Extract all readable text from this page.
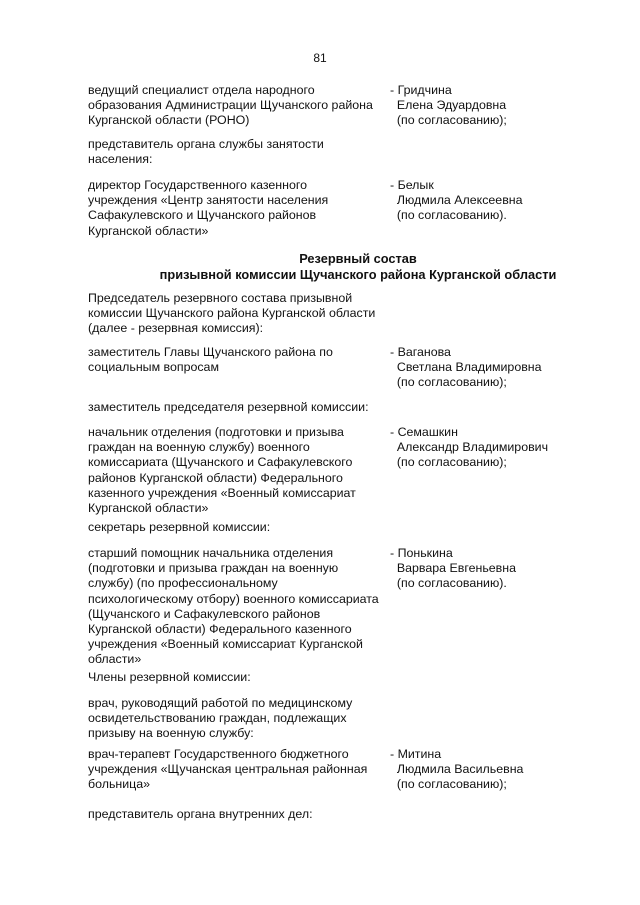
81
ведущий специалист отдела народного
образования Администрации Щучанского района
Курганской области (РОНО)
- Гридчина
Елена Эдуардовна
(по согласованию);
представитель органа службы занятости
населения:
директор Государственного казенного
учреждения «Центр занятости населения
Сафакулевского и Щучанского районов
Курганской области»
- Белык
Людмила Алексеевна
(по согласованию).
Резервный состав
призывной комиссии Щучанского района Курганской области
Председатель резервного состава призывной
комиссии Щучанского района Курганской области
(далее - резервная комиссия):
заместитель Главы Щучанского района по
социальным вопросам
- Ваганова
Светлана Владимировна
(по согласованию);
заместитель председателя резервной комиссии:
начальник отделения (подготовки и призыва
граждан на военную службу) военного
комиссариата (Щучанского и Сафакулевского
районов Курганской области) Федерального
казенного учреждения «Военный комиссариат
Курганской области»
- Семашкин
Александр Владимирович
(по согласованию);
секретарь резервной комиссии:
старший помощник начальника отделения
(подготовки и призыва граждан на военную
службу) (по профессиональному
психологическому отбору) военного комиссариата
(Щучанского и Сафакулевского районов
Курганской области) Федерального казенного
учреждения «Военный комиссариат Курганской
области»
- Понькина
Варвара Евгеньевна
(по согласованию).
Члены резервной комиссии:
врач, руководящий работой по медицинскому
освидетельствованию граждан, подлежащих
призыву на военную службу:
врач-терапевт Государственного бюджетного
учреждения «Щучанская центральная районная
больница»
- Митина
Людмила Васильевна
(по согласованию);
представитель органа внутренних дел:
